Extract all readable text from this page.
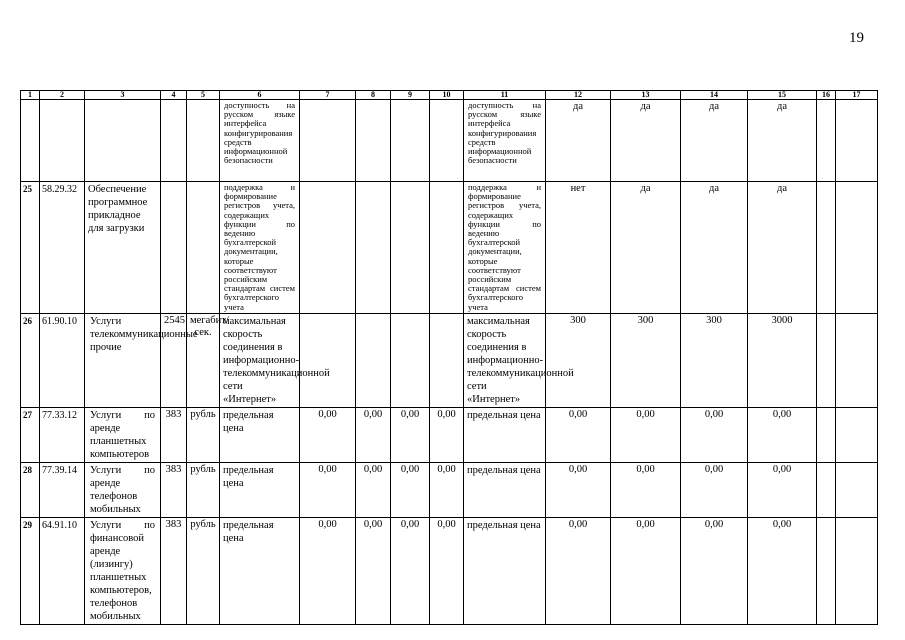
19
1	2	3	4	5	6	7	8	9	10	11	12	13	14	15	16	17
					доступность на русском языке интерфейса конфигурирования средств информационной безопасности					доступность на русском языке интерфейса конфигурирования средств информационной безопасности	да	да	да	да		
25	58.29.32	Обеспечение программное прикладное для загрузки			поддержка и формирование регистров учета, содержащих функции по ведению бухгалтерской документации, которые соответствуют российским стандартам систем бухгалтерского учета					поддержка и формирование регистров учета, содержащих функции по ведению бухгалтерской документации, которые соответствуют российским стандартам систем бухгалтерского учета	нет	да	да	да		
26	61.90.10	Услуги телекоммуникационные прочие	2545	мегабит/сек.	максимальная скорость соединения в информационно-телекоммуникационной сети «Интернет»					максимальная скорость соединения в информационно-телекоммуникационной сети «Интернет»	300	300	300	3000		
27	77.33.12	Услуги по аренде планшетных компьютеров	383	рубль	предельная цена	0,00	0,00	0,00	0,00	предельная цена	0,00	0,00	0,00	0,00		
28	77.39.14	Услуги по аренде телефонов мобильных	383	рубль	предельная цена	0,00	0,00	0,00	0,00	предельная цена	0,00	0,00	0,00	0,00		
29	64.91.10	Услуги по финансовой аренде (лизингу) планшетных компьютеров, телефонов мобильных	383	рубль	предельная цена	0,00	0,00	0,00	0,00	предельная цена	0,00	0,00	0,00	0,00		
